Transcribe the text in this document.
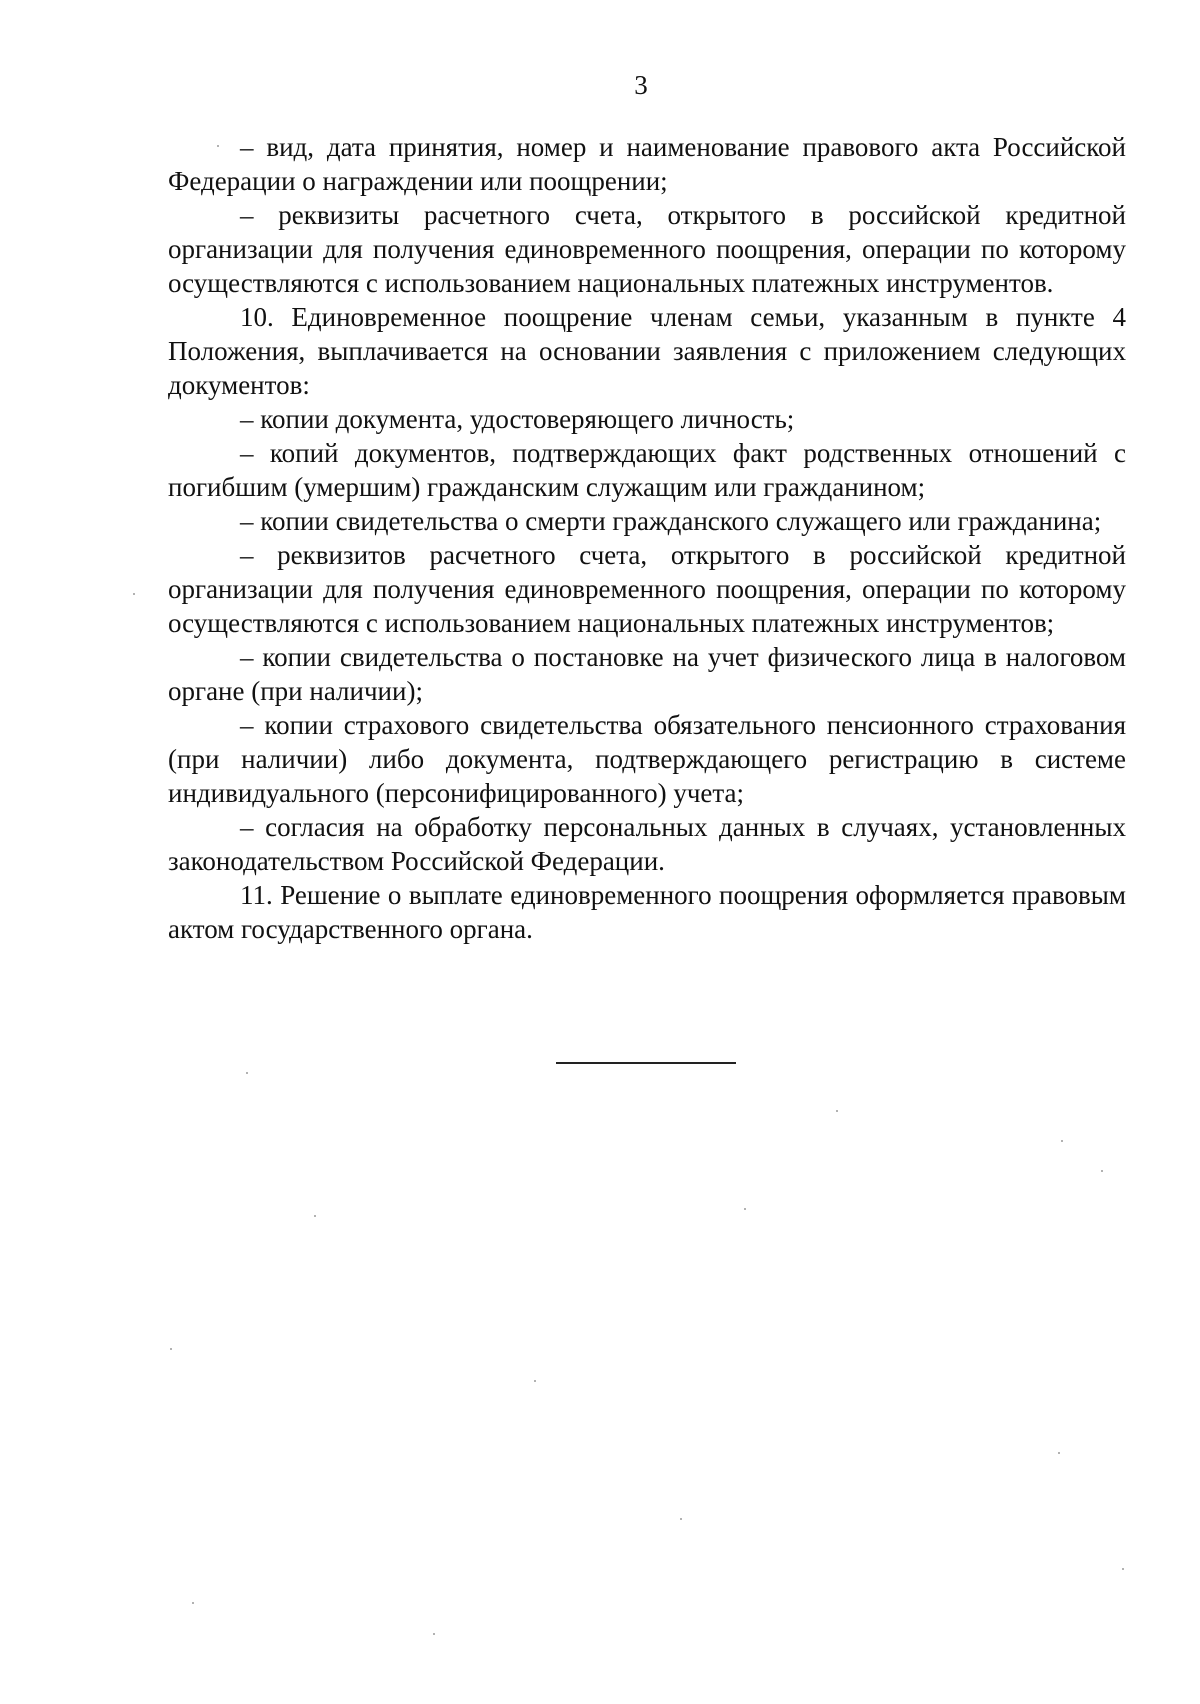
3

– вид, дата принятия, номер и наименование правового акта Российской Федерации о награждении или поощрении;

– реквизиты расчетного счета, открытого в российской кредитной организации для получения единовременного поощрения, операции по которому осуществляются с использованием национальных платежных инструментов.

10. Единовременное поощрение членам семьи, указанным в пункте 4 Положения, выплачивается на основании заявления с приложением следующих документов:

– копии документа, удостоверяющего личность;

– копий документов, подтверждающих факт родственных отношений с погибшим (умершим) гражданским служащим или гражданином;

– копии свидетельства о смерти гражданского служащего или гражданина;

– реквизитов расчетного счета, открытого в российской кредитной организации для получения единовременного поощрения, операции по которому осуществляются с использованием национальных платежных инструментов;

– копии свидетельства о постановке на учет физического лица в налоговом органе (при наличии);

– копии страхового свидетельства обязательного пенсионного страхования (при наличии) либо документа, подтверждающего регистрацию в системе индивидуального (персонифицированного) учета;

– согласия на обработку персональных данных в случаях, установленных законодательством Российской Федерации.

11. Решение о выплате единовременного поощрения оформляется правовым актом государственного органа.
